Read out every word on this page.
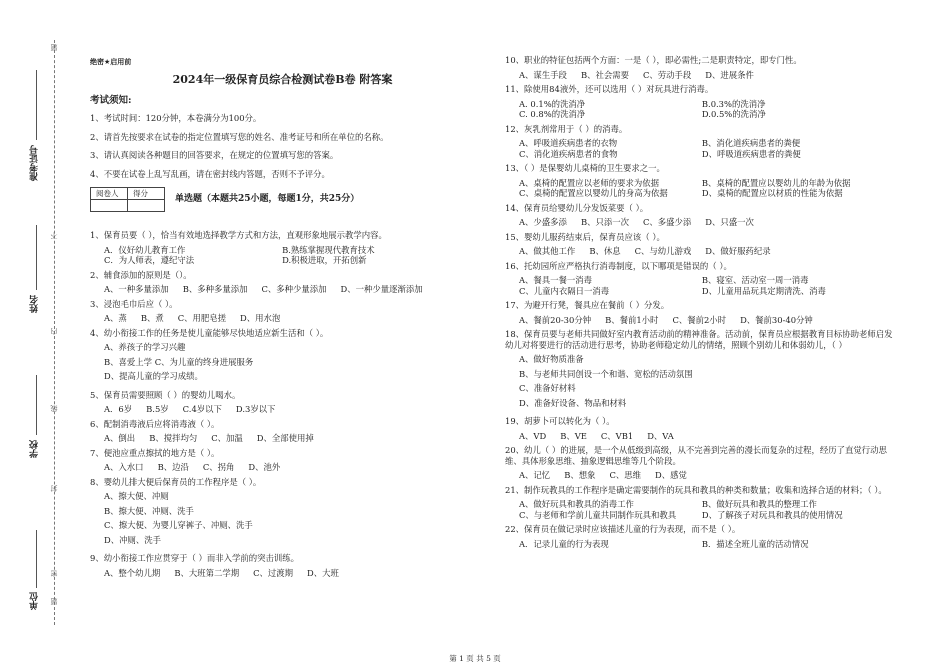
题
准考证号
不
姓名
内
线
学校
封
密
单位 题
绝密★启用前
2024年一级保育员综合检测试卷B卷 附答案
考试须知:
1、考试时间：120分钟，本卷满分为100分。
2、请首先按要求在试卷的指定位置填写您的姓名、准考证号和所在单位的名称。
3、请认真阅读各种题目的回答要求，在规定的位置填写您的答案。
4、不要在试卷上乱写乱画，请在密封线内答题，否则不予评分。
阅卷人	得分

单选题（本题共25小题，每题1分，共25分）
1、保育员要（ ），恰当有效地选择教学方式和方法，直观形象地展示教学内容。
A．仪好幼儿教育工作	B.熟练掌握现代教育技术
C．为人师表，遵纪守法	D.积极进取，开拓创新
2、辅食添加的原则是（）。
A、一种多量添加 B、多种多量添加 C、多种少量添加 D、一种少量逐渐添加
3、浸泡毛巾后应（ ）。
A、蒸 B、煮 C、用肥皂搓 D、用水泡
4、幼小衔接工作的任务是使儿童能够尽快地适应新生活和（ ）。
A、养孩子的学习兴趣
B、喜爱上学 C、为儿童的终身进展服务
D、提高儿童的学习成绩。
5、保育员需要照顾（ ）的婴幼儿喝水。
A．6岁 B.5岁 C.4岁以下 D.3岁以下
6、配制消毒液后应将消毒液（ ）。
A、倒出 B、搅拌均匀 C、加温 D、全部使用掉
7、便池应重点擦拭的地方是（ ）。
A、入水口 B、边沿 C、拐角 D、池外
8、婴幼儿排大便后保育员的工作程序是（ ）。
A、擦大便、冲厕
B、擦大便、冲厕、洗手
C、擦大便、为婴儿穿裤子、冲厕、洗手
D、冲厕、洗手
9、幼小衔接工作应贯穿于（ ）而非入学前的突击训练。
A、整个幼儿期 B、大班第二学期 C、过渡期 D、大班
10、职业的特征包括两个方面：一是（ ），即必需性;二是职责特定，即专门性。
A、谋生手段 B、社会需要 C、劳动手段 D、进展条件
11、除使用84液外，还可以选用（ ）对玩具进行消毒。
A. 0.1%的洗消净	B.0.3%的洗消净
C. 0.8%的洗消净	D.0.5%的洗消净
12、灰乳剂常用于（ ）的消毒。
A、呼吸道疾病患者的衣物	B、消化道疾病患者的粪便
C、消化道疾病患者的食物	D、呼吸道疾病患者的粪便
13、（ ）是保婴幼儿桌椅的卫生要求之一。
A、桌椅的配置应以老师的要求为依据	B、桌椅的配置应以婴幼儿的年龄为依据
C、桌椅的配置应以婴幼儿的身高为依据	D、桌椅的配置应以材质的性能为依据
14、保育员给婴幼儿分发饭菜要（ ）。
A、少盛多添 B、只添一次 C、多盛少添 D、只盛一次
15、婴幼儿服药结束后，保育员应该（ ）。
A、做其他工作 B、休息 C、与幼儿游戏 D、做好服药纪录
16、托幼园所应严格执行消毒制度，以下哪项是错误的（ ）。
A、餐具一餐一消毒	B、寝室、活动室一周一消毒
C、儿童内衣隔日一消毒	D、儿童用品玩具定期清洗、消毒
17、为避开行凳，餐具应在餐前（ ）分发。
A、餐前20-30分钟 B、餐前1小时 C、餐前2小时 D、餐前30-40分钟
18、保育员要与老师共同做好室内教育活动前的精神准备。活动前，保育员应根据教育目标协助老师启发幼儿对将要进行的活动进行思考，协助老师稳定幼儿的情绪，照顾个别幼儿和体弱幼儿，（ ）
A、做好物质准备
B、与老师共同创设一个和谐、宽松的活动氛围
C、准备好材料
D、准备好设备、物品和材料
19、胡萝卜可以转化为（ ）。
A、VD B、VE C、VB1 D、VA
20、幼儿（ ）的进展，是一个从低级到高级，从不完善到完善的漫长而复杂的过程，经历了直觉行动思维、具体形象思维、抽象逻辑思维等几个阶段。
A、记忆 B、想象 C、思维 D、感觉
21、制作玩教具的工作程序是确定需要制作的玩具和教具的种类和数量；收集和选择合适的材料；（ ）。
A、做好玩具和教具的消毒工作	B、做好玩具和教具的整理工作
C、与老师和学前儿童共同制作玩具和教具	D、了解孩子对玩具和教具的使用情况
22、保育员在做记录时应该描述儿童的行为表现，而不是（ ）。
A．记录儿童的行为表现	B．描述全班儿童的活动情况
第 1 页 共 5 页
